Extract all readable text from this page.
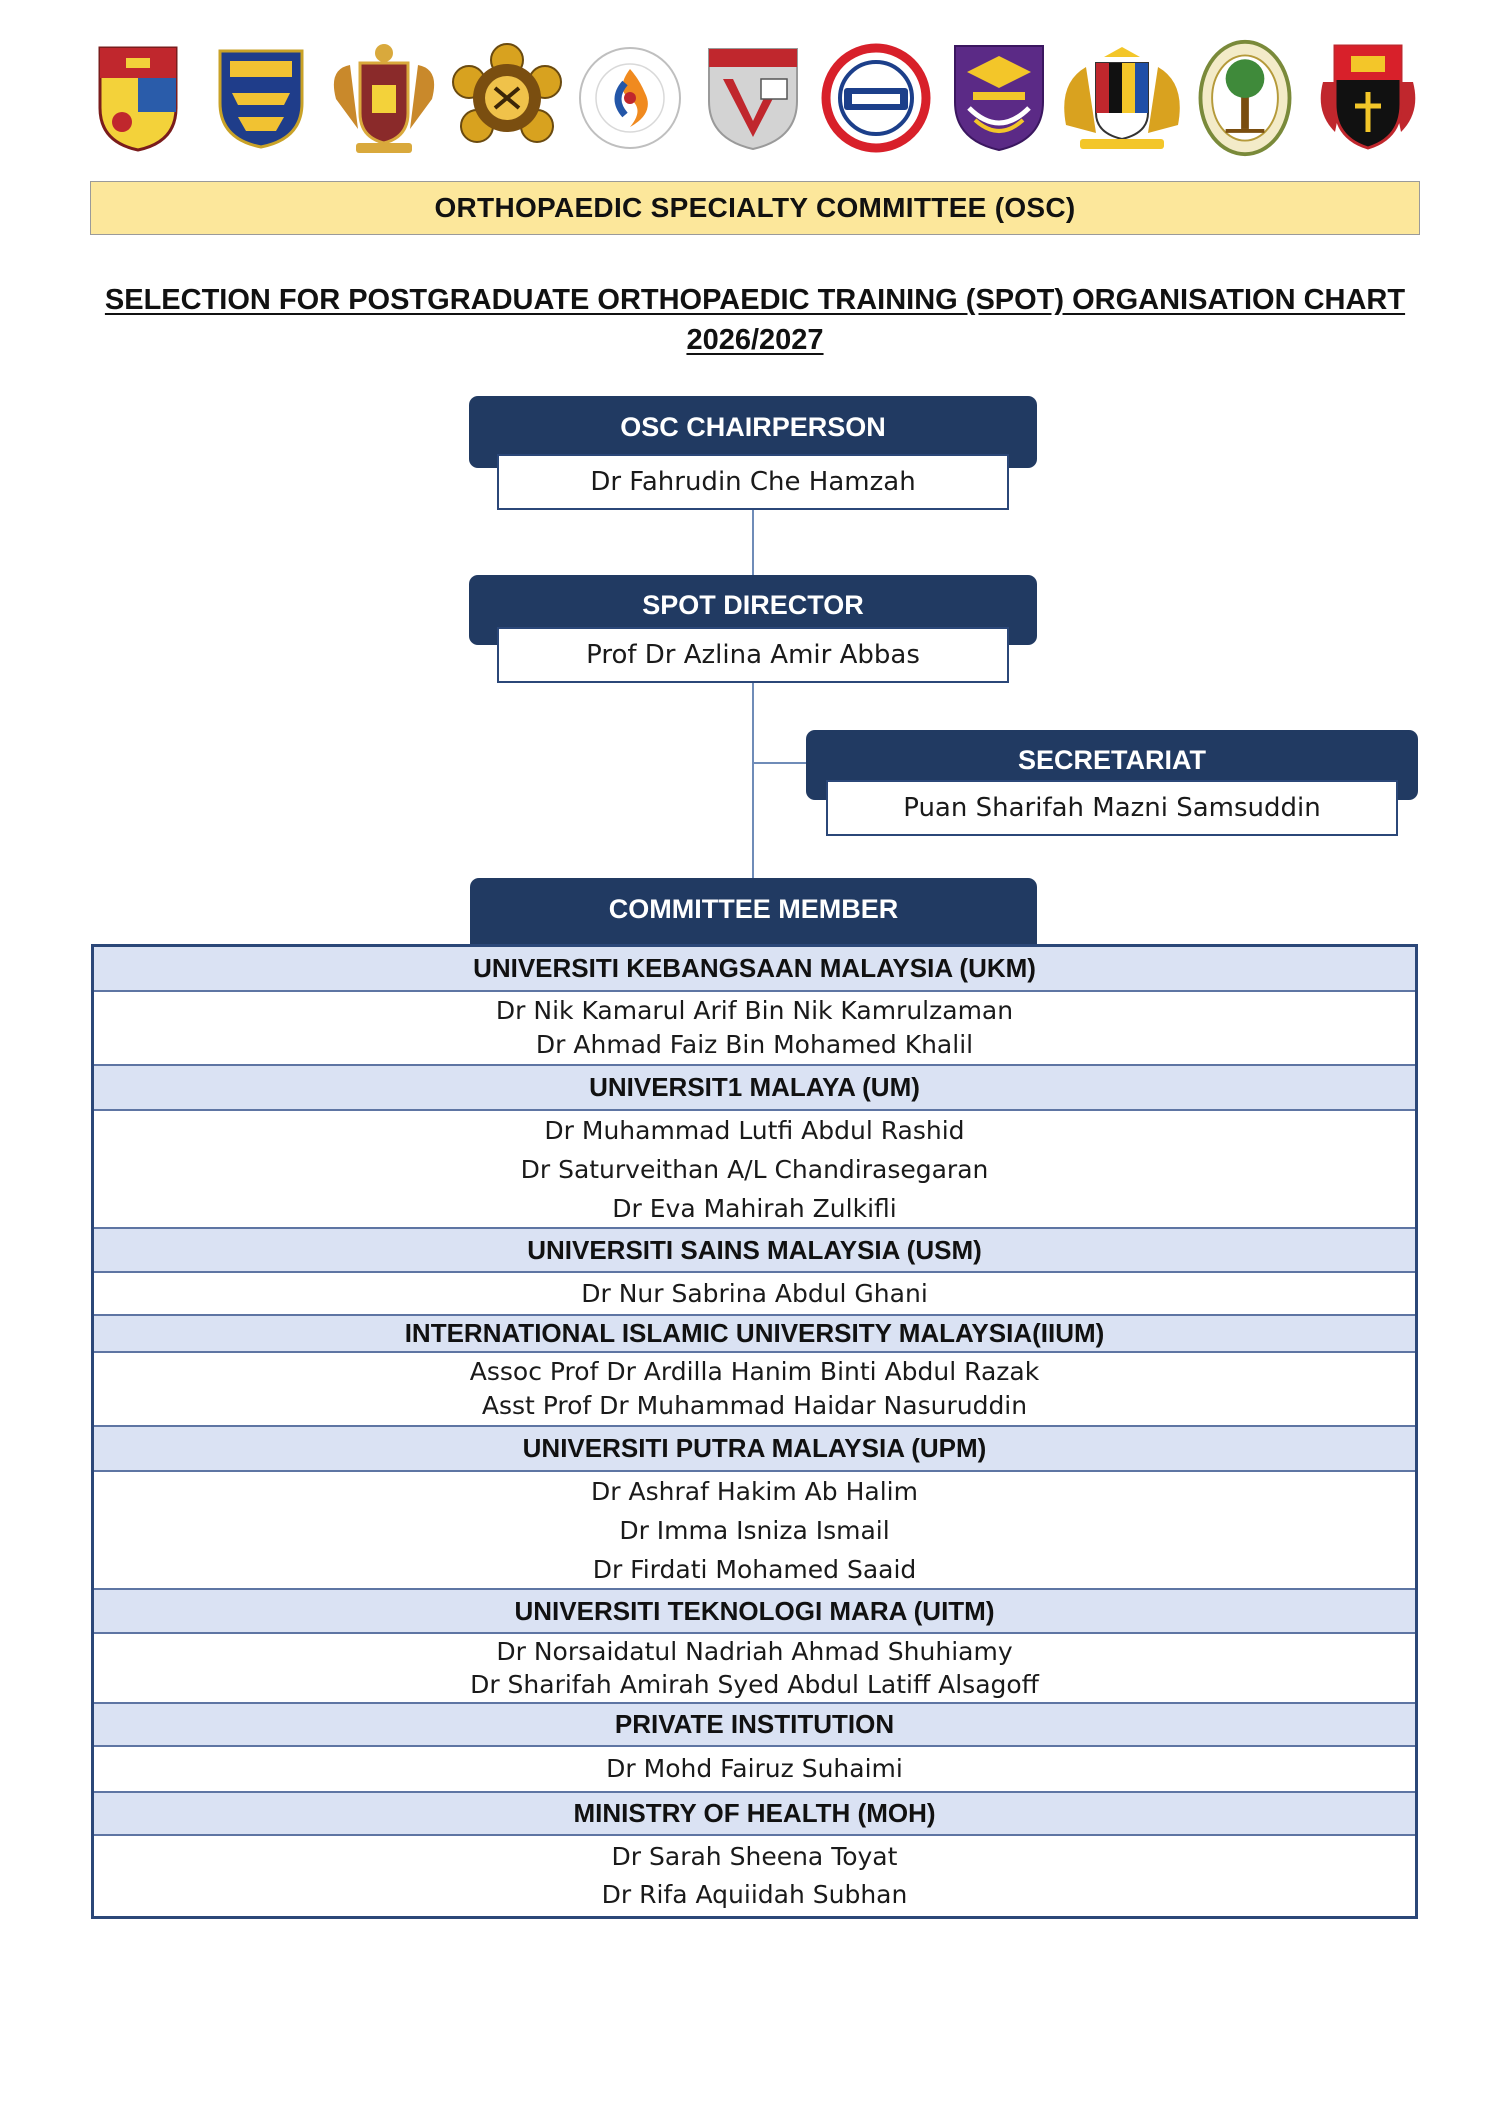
ORTHOPAEDIC SPECIALTY COMMITTEE (OSC)
SELECTION FOR POSTGRADUATE ORTHOPAEDIC TRAINING (SPOT) ORGANISATION CHART
2026/2027
OSC CHAIRPERSON
Dr Fahrudin Che Hamzah
SPOT DIRECTOR
Prof Dr Azlina Amir Abbas
SECRETARIAT
Puan Sharifah Mazni Samsuddin
COMMITTEE MEMBER
UNIVERSITI KEBANGSAAN MALAYSIA (UKM)
Dr Nik Kamarul Arif Bin Nik Kamrulzaman
Dr Ahmad Faiz Bin Mohamed Khalil
UNIVERSIT1 MALAYA (UM)
Dr Muhammad Lutfi Abdul Rashid
Dr Saturveithan A/L Chandirasegaran
Dr Eva Mahirah Zulkifli
UNIVERSITI SAINS MALAYSIA (USM)
Dr Nur Sabrina Abdul Ghani
INTERNATIONAL ISLAMIC UNIVERSITY MALAYSIA(IIUM)
Assoc Prof Dr Ardilla Hanim Binti Abdul Razak
Asst Prof Dr Muhammad Haidar Nasuruddin
UNIVERSITI PUTRA MALAYSIA (UPM)
Dr Ashraf Hakim Ab Halim
Dr Imma Isniza Ismail
Dr Firdati Mohamed Saaid
UNIVERSITI TEKNOLOGI MARA (UITM)
Dr Norsaidatul Nadriah Ahmad Shuhiamy
Dr Sharifah Amirah Syed Abdul Latiff Alsagoff
PRIVATE INSTITUTION
Dr Mohd Fairuz Suhaimi
MINISTRY OF HEALTH (MOH)
Dr Sarah Sheena Toyat
Dr Rifa Aquiidah Subhan
